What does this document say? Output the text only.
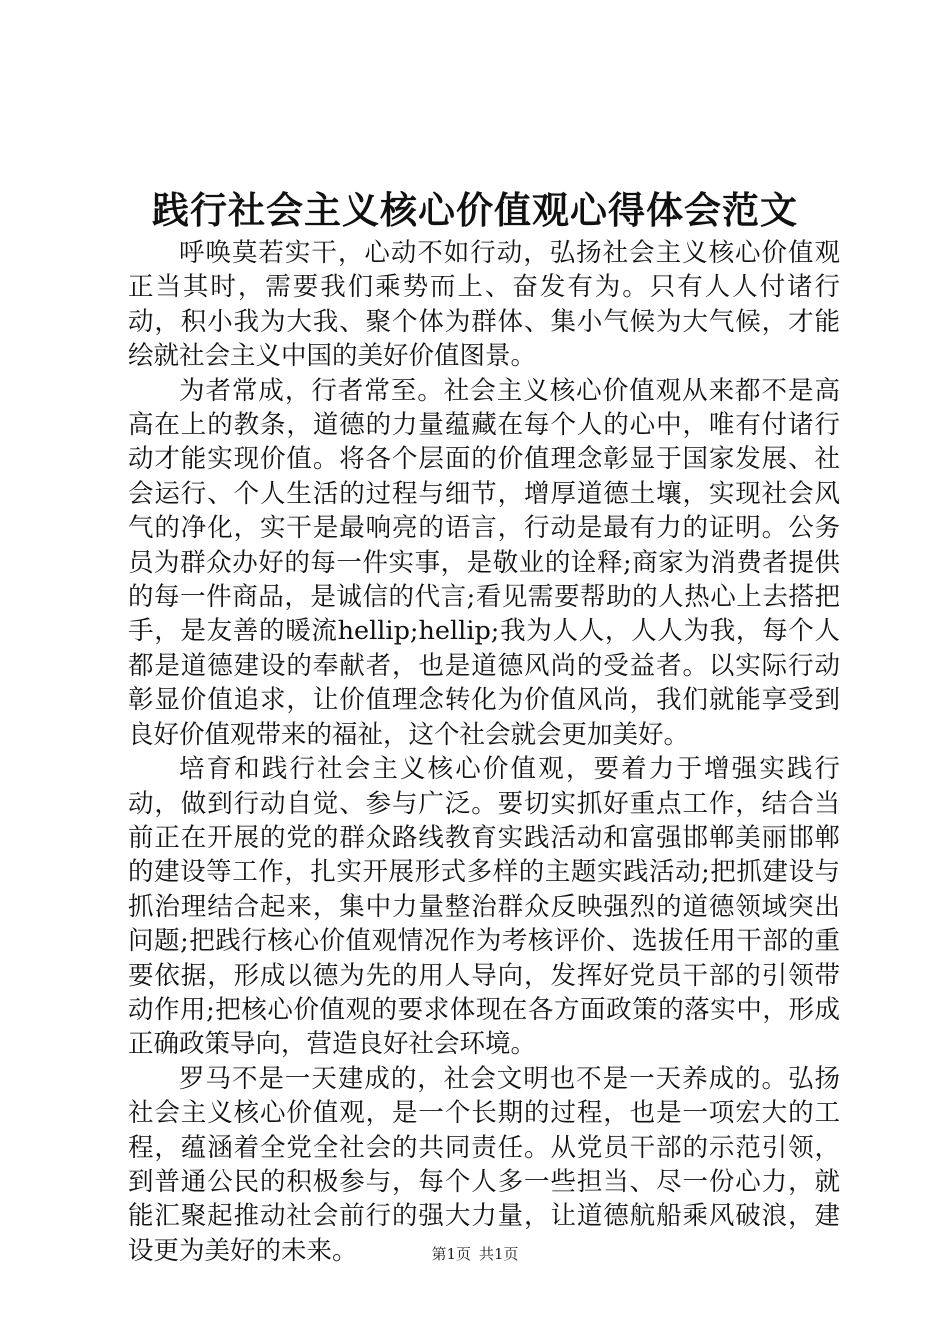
践行社会主义核心价值观心得体会范文

呼唤莫若实干，心动不如行动，弘扬社会主义核心价值观正当其时，需要我们乘势而上、奋发有为。只有人人付诸行动，积小我为大我、聚个体为群体、集小气候为大气候，才能绘就社会主义中国的美好价值图景。

为者常成，行者常至。社会主义核心价值观从来都不是高高在上的教条，道德的力量蕴藏在每个人的心中，唯有付诸行动才能实现价值。将各个层面的价值理念彰显于国家发展、社会运行、个人生活的过程与细节，增厚道德土壤，实现社会风气的净化，实干是最响亮的语言，行动是最有力的证明。公务员为群众办好的每一件实事，是敬业的诠释;商家为消费者提供的每一件商品，是诚信的代言;看见需要帮助的人热心上去搭把手，是友善的暖流hellip;hellip;我为人人，人人为我，每个人都是道德建设的奉献者，也是道德风尚的受益者。以实际行动彰显价值追求，让价值理念转化为价值风尚，我们就能享受到良好价值观带来的福祉，这个社会就会更加美好。

培育和践行社会主义核心价值观，要着力于增强实践行动，做到行动自觉、参与广泛。要切实抓好重点工作，结合当前正在开展的党的群众路线教育实践活动和富强邯郸美丽邯郸的建设等工作，扎实开展形式多样的主题实践活动;把抓建设与抓治理结合起来，集中力量整治群众反映强烈的道德领域突出问题;把践行核心价值观情况作为考核评价、选拔任用干部的重要依据，形成以德为先的用人导向，发挥好党员干部的引领带动作用;把核心价值观的要求体现在各方面政策的落实中，形成正确政策导向，营造良好社会环境。

罗马不是一天建成的，社会文明也不是一天养成的。弘扬社会主义核心价值观，是一个长期的过程，也是一项宏大的工程，蕴涵着全党全社会的共同责任。从党员干部的示范引领，到普通公民的积极参与，每个人多一些担当、尽一份心力，就能汇聚起推动社会前行的强大力量，让道德航船乘风破浪，建设更为美好的未来。	第1页 共1页
